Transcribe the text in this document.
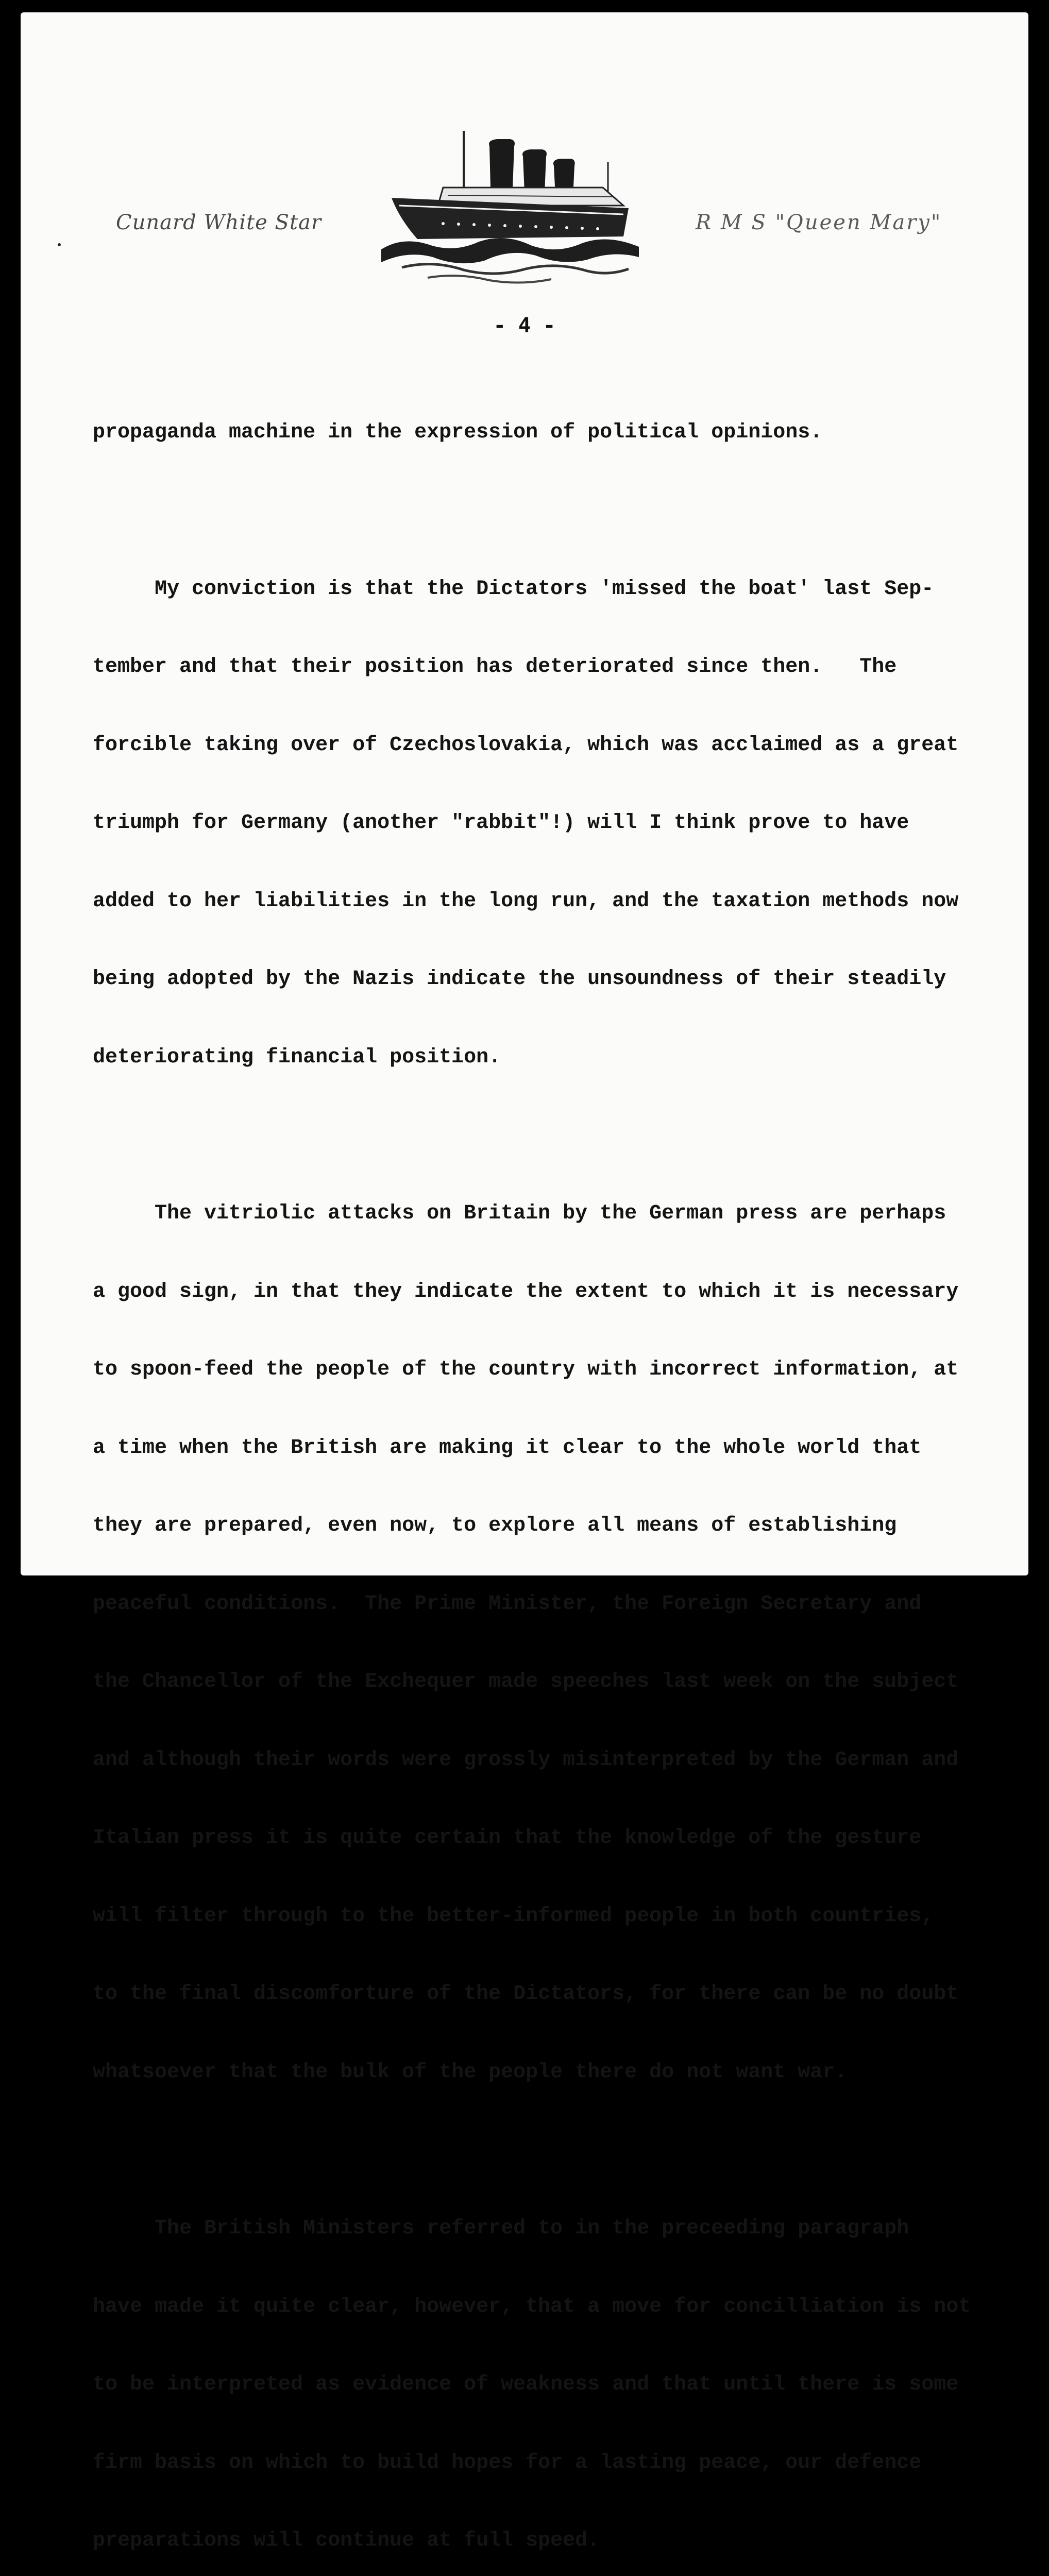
Cunard White Star	R M S "Queen Mary"
- 4 -

propaganda machine in the expression of political opinions.

My conviction is that the Dictators 'missed the boat' last Sep-

tember and that their position has deteriorated since then.   The

forcible taking over of Czechoslovakia, which was acclaimed as a great

triumph for Germany (another "rabbit"!) will I think prove to have

added to her liabilities in the long run, and the taxation methods now

being adopted by the Nazis indicate the unsoundness of their steadily

deteriorating financial position.

The vitriolic attacks on Britain by the German press are perhaps

a good sign, in that they indicate the extent to which it is necessary

to spoon-feed the people of the country with incorrect information, at

a time when the British are making it clear to the whole world that

they are prepared, even now, to explore all means of establishing

peaceful conditions.  The Prime Minister, the Foreign Secretary and

the Chancellor of the Exchequer made speeches last week on the subject

and although their words were grossly misinterpreted by the German and

Italian press it is quite certain that the knowledge of the gesture

will filter through to the better-informed people in both countries,

to the final discomforture of the Dictators, for there can be no doubt

whatsoever that the bulk of the people there do not want war.

The British Ministers referred to in the preceeding paragraph

have made it quite clear, however, that a move for concilliation is not

to be interpreted as evidence of weakness and that until there is some

firm basis on which to build hopes for a lasting peace, our defence

preparations will continue at full speed.
